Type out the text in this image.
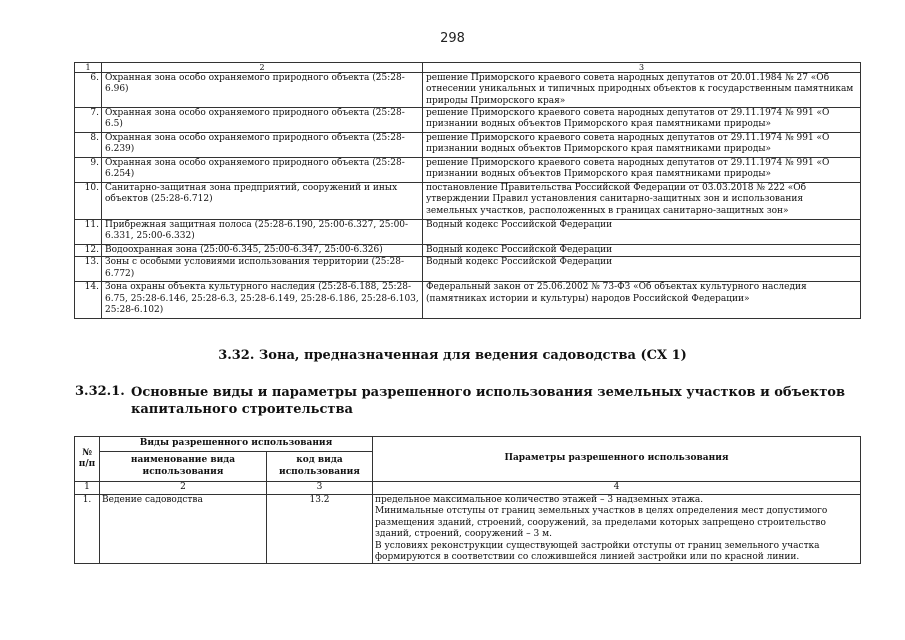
298
1	2	3
6.	Охранная зона особо охраняемого природного объекта (25:28-6.96)	решение Приморского краевого совета народных депутатов от 20.01.1984 № 27 «Об отнесении уникальных и типичных природных объектов к государственным памятникам природы Приморского края»
7.	Охранная зона особо охраняемого природного объекта (25:28-6.5)	решение Приморского краевого совета народных депутатов от 29.11.1974 № 991 «О признании водных объектов Приморского края памятниками природы»
8.	Охранная зона особо охраняемого природного объекта (25:28-6.239)	решение Приморского краевого совета народных депутатов от 29.11.1974 № 991 «О признании водных объектов Приморского края памятниками природы»
9.	Охранная зона особо охраняемого природного объекта (25:28-6.254)	решение Приморского краевого совета народных депутатов от 29.11.1974 № 991 «О признании водных объектов Приморского края памятниками природы»
10.	Санитарно-защитная зона предприятий, сооружений и иных объектов (25:28-6.712)	постановление Правительства Российской Федерации от 03.03.2018 № 222 «Об утверждении Правил установления санитарно-защитных зон и использования земельных участков, расположенных в границах санитарно-защитных зон»
11.	Прибрежная защитная полоса (25:28-6.190, 25:00-6.327, 25:00-6.331, 25:00-6.332)	Водный кодекс Российской Федерации
12.	Водоохранная зона (25:00-6.345, 25:00-6.347, 25:00-6.326)	Водный кодекс Российской Федерации
13.	Зоны с особыми условиями использования территории (25:28-6.772)	Водный кодекс Российской Федерации
14.	Зона охраны объекта культурного наследия (25:28-6.188, 25:28-6.75, 25:28-6.146, 25:28-6.3, 25:28-6.149, 25:28-6.186, 25:28-6.103, 25:28-6.102)	Федеральный закон от 25.06.2002 № 73-ФЗ «Об объектах культурного наследия (памятниках истории и культуры) народов Российской Федерации»
3.32. Зона, предназначенная для ведения садоводства (СХ 1)
3.32.1. Основные виды и параметры разрешенного использования земельных участков и объектов капитального строительства
№ п/п	Виды разрешенного использования		Параметры разрешенного использования
	наименование вида использования	код вида использования	
1	2	3	4
1.	Ведение садоводства	13.2	предельное максимальное количество этажей – 3 надземных этажа.
Минимальные отступы от границ земельных участков в целях определения мест допустимого размещения зданий, строений, сооружений, за пределами которых запрещено строительство зданий, строений, сооружений – 3 м.
В условиях реконструкции существующей застройки отступы от границ земельного участка формируются в соответствии со сложившейся линией застройки или по красной линии.
